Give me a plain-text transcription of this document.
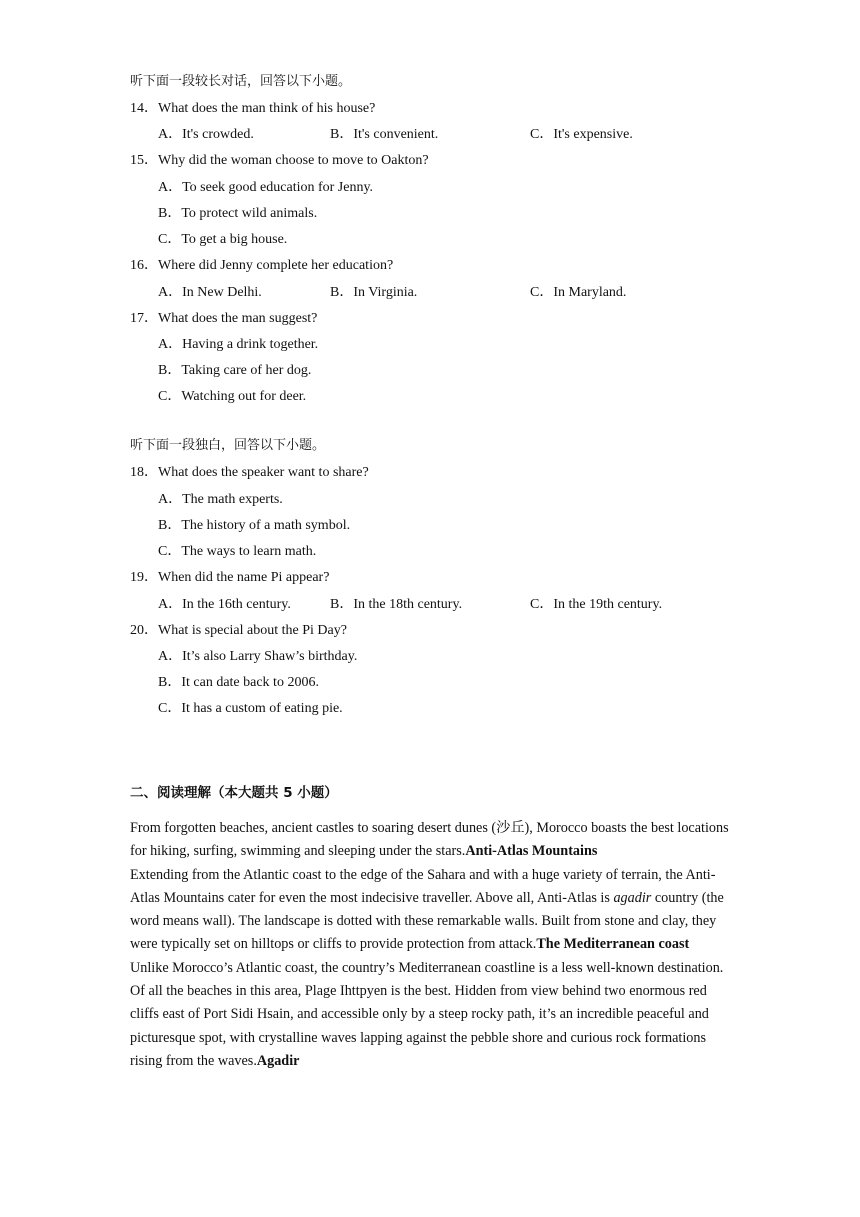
听下面一段较长对话，回答以下小题。
14．What does the man think of his house?
A．It's crowded.	B．It's convenient.	C．It's expensive.
15．Why did the woman choose to move to Oakton?
A．To seek good education for Jenny.
B．To protect wild animals.
C．To get a big house.
16．Where did Jenny complete her education?
A．In New Delhi.	B．In Virginia.	C．In Maryland.
17．What does the man suggest?
A．Having a drink together.
B．Taking care of her dog.
C．Watching out for deer.
听下面一段独白，回答以下小题。
18．What does the speaker want to share?
A．The math experts.
B．The history of a math symbol.
C．The ways to learn math.
19．When did the name Pi appear?
A．In the 16th century.	B．In the 18th century.	C．In the 19th century.
20．What is special about the Pi Day?
A．It’s also Larry Shaw’s birthday.
B．It can date back to 2006.
C．It has a custom of eating pie.
二、阅读理解（本大题共 5 小题）
From forgotten beaches, ancient castles to soaring desert dunes (沙丘), Morocco boasts the best locations for hiking, surfing, swimming and sleeping under the stars.Anti-Atlas Mountains
Extending from the Atlantic coast to the edge of the Sahara and with a huge variety of terrain, the Anti-Atlas Mountains cater for even the most indecisive traveller. Above all, Anti-Atlas is agadir country (the word means wall). The landscape is dotted with these remarkable walls. Built from stone and clay, they were typically set on hilltops or cliffs to provide protection from attack.The Mediterranean coast
Unlike Morocco’s Atlantic coast, the country’s Mediterranean coastline is a less well-known destination. Of all the beaches in this area, Plage Ihttpyen is the best. Hidden from view behind two enormous red cliffs east of Port Sidi Hsain, and accessible only by a steep rocky path, it’s an incredible peaceful and picturesque spot, with crystalline waves lapping against the pebble shore and curious rock formations rising from the waves.Agadir
